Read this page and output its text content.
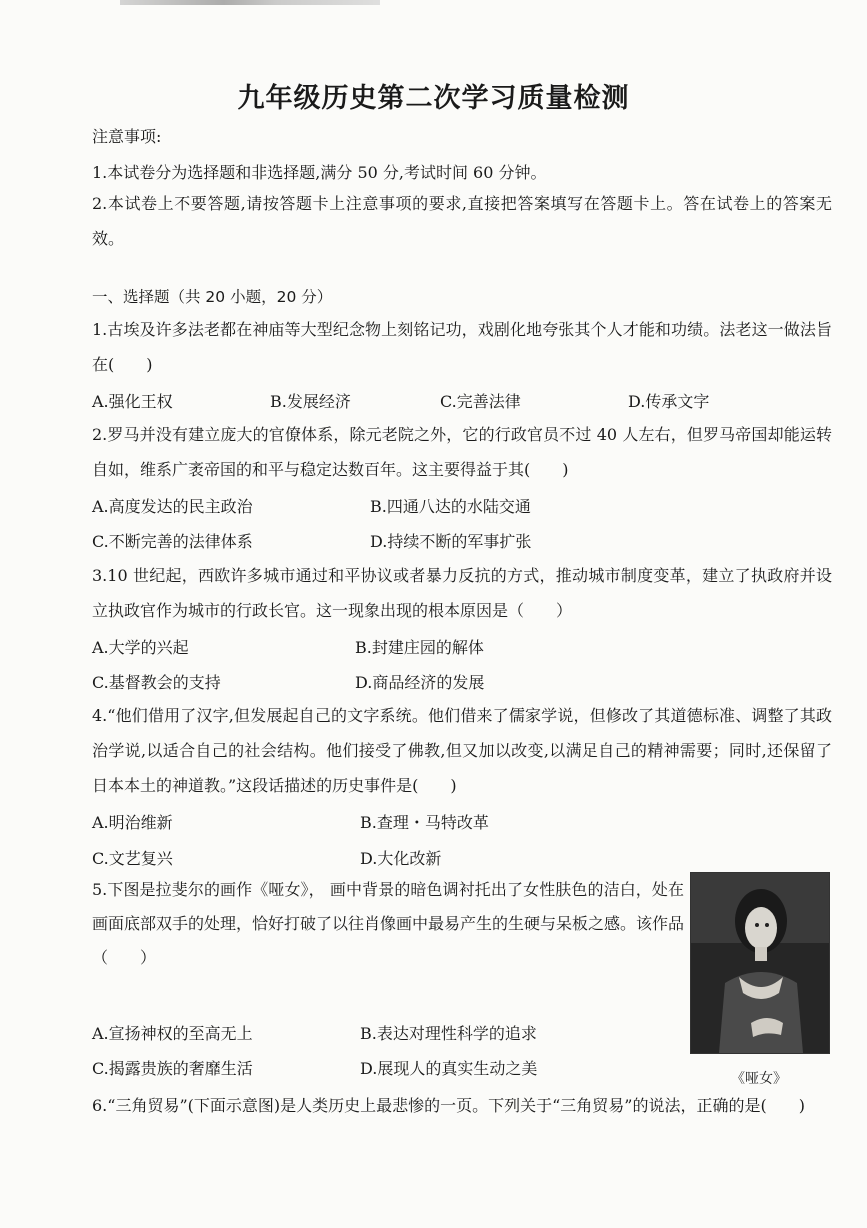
九年级历史第二次学习质量检测
注意事项:
1.本试卷分为选择题和非选择题,满分 50 分,考试时间 60 分钟。
2.本试卷上不要答题,请按答题卡上注意事项的要求,直接把答案填写在答题卡上。答在试卷上的答案无效。
一、选择题（共 20 小题，20 分）
1.古埃及许多法老都在神庙等大型纪念物上刻铭记功，戏剧化地夸张其个人才能和功绩。法老这一做法旨在(　　)
A.强化王权	B.发展经济	C.完善法律	D.传承文字
2.罗马并没有建立庞大的官僚体系，除元老院之外，它的行政官员不过 40 人左右，但罗马帝国却能运转自如，维系广袤帝国的和平与稳定达数百年。这主要得益于其(　　)
A.高度发达的民主政治	B.四通八达的水陆交通
C.不断完善的法律体系	D.持续不断的军事扩张
3.10 世纪起，西欧许多城市通过和平协议或者暴力反抗的方式，推动城市制度变革，建立了执政府并设立执政官作为城市的行政长官。这一现象出现的根本原因是（　　）
A.大学的兴起	B.封建庄园的解体
C.基督教会的支持	D.商品经济的发展
4.“他们借用了汉字,但发展起自己的文字系统。他们借来了儒家学说，但修改了其道德标准、调整了其政治学说,以适合自己的社会结构。他们接受了佛教,但又加以改变,以满足自己的精神需要；同时,还保留了日本本土的神道教。”这段话描述的历史事件是(　　)
A.明治维新	B.查理・马特改革
C.文艺复兴	D.大化改新
5.下图是拉斐尔的画作《哑女》， 画中背景的暗色调衬托出了女性肤色的洁白，处在画面底部双手的处理，恰好打破了以往肖像画中最易产生的生硬与呆板之感。该作品（　　）
A.宣扬神权的至高无上	B.表达对理性科学的追求
C.揭露贵族的奢靡生活	D.展现人的真实生动之美
《哑女》
6.“三角贸易”(下面示意图)是人类历史上最悲惨的一页。下列关于“三角贸易”的说法，正确的是(　　)
